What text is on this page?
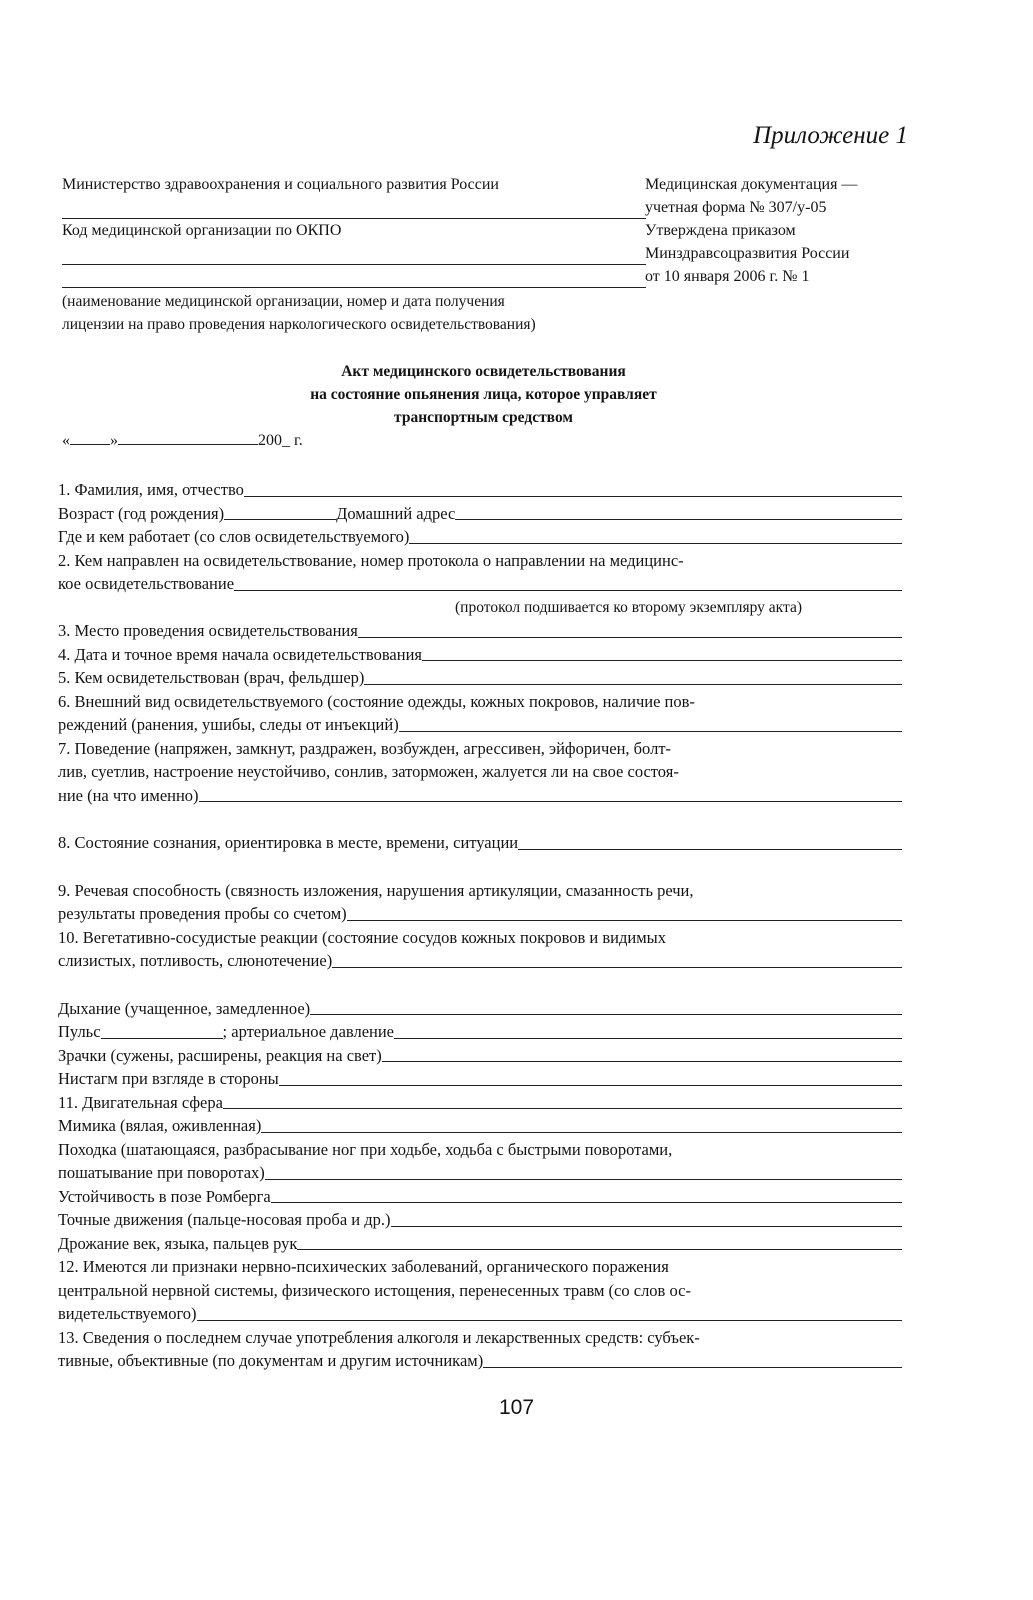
Приложение 1
Министерство здравоохранения и социального развития России
Код медицинской организации по ОКПО
(наименование медицинской организации, номер и дата получения
лицензии на право проведения наркологического освидетельствования)
Медицинская документация —
учетная форма № 307/у-05
Утверждена приказом
Минздравсоцразвития России
от 10 января 2006 г. № 1
Акт медицинского освидетельствования
на состояние опьянения лица, которое управляет
транспортным средством
«	»	200_ г.
1. Фамилия, имя, отчество
Возраст (год рождения)	Домашний адрес
Где и кем работает (со слов освидетельствуемого)
2. Кем направлен на освидетельствование, номер протокола о направлении на медицинс-
кое освидетельствование
(протокол подшивается ко второму экземпляру акта)
3. Место проведения освидетельствования
4. Дата и точное время начала освидетельствования
5. Кем освидетельствован (врач, фельдшер)
6. Внешний вид освидетельствуемого (состояние одежды, кожных покровов, наличие пов-
реждений (ранения, ушибы, следы от инъекций)
7. Поведение (напряжен, замкнут, раздражен, возбужден, агрессивен, эйфоричен, болт-
лив, суетлив, настроение неустойчиво, сонлив, заторможен, жалуется ли на свое состоя-
ние (на что именно)
8. Состояние сознания, ориентировка в месте, времени, ситуации
9. Речевая способность (связность изложения, нарушения артикуляции, смазанность речи,
результаты проведения пробы со счетом)
10. Вегетативно-сосудистые реакции (состояние сосудов кожных покровов и видимых
слизистых, потливость, слюнотечение)
Дыхание (учащенное, замедленное)
Пульс	; артериальное давление
Зрачки (сужены, расширены, реакция на свет)
Нистагм при взгляде в стороны
11. Двигательная сфера
Мимика (вялая, оживленная)
Походка (шатающаяся, разбрасывание ног при ходьбе, ходьба с быстрыми поворотами,
пошатывание при поворотах)
Устойчивость в позе Ромберга
Точные движения (пальце-носовая проба и др.)
Дрожание век, языка, пальцев рук
12. Имеются ли признаки нервно-психических заболеваний, органического поражения
центральной нервной системы, физического истощения, перенесенных травм (со слов ос-
видетельствуемого)
13. Сведения о последнем случае употребления алкоголя и лекарственных средств: субъек-
тивные, объективные (по документам и другим источникам)
107
